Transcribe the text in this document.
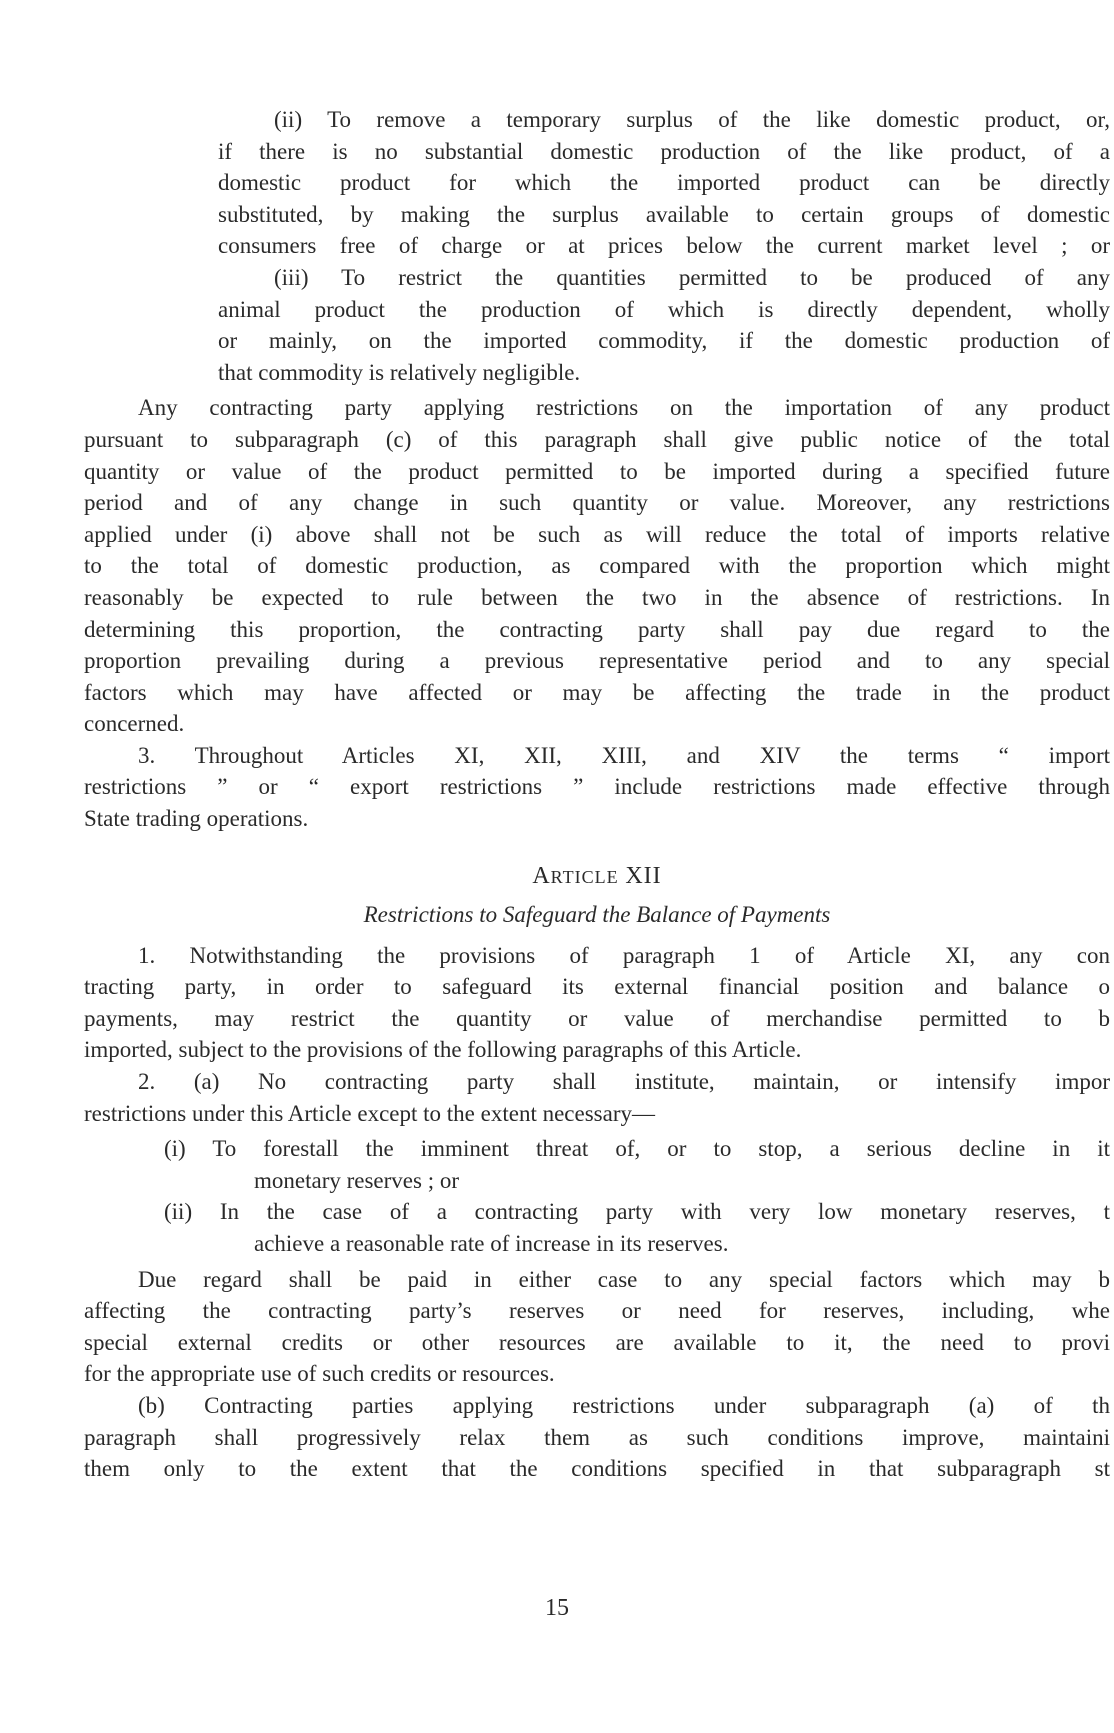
(ii) To remove a temporary surplus of the like domestic product, or,
if there is no substantial domestic production of the like product, of a
domestic product for which the imported product can be directly
substituted, by making the surplus available to certain groups of domestic
consumers free of charge or at prices below the current market level ; or

(iii) To restrict the quantities permitted to be produced of any
animal product the production of which is directly dependent, wholly
or mainly, on the imported commodity, if the domestic production of
that commodity is relatively negligible.

Any contracting party applying restrictions on the importation of any product
pursuant to subparagraph (c) of this paragraph shall give public notice of the total
quantity or value of the product permitted to be imported during a specified future
period and of any change in such quantity or value. Moreover, any restrictions
applied under (i) above shall not be such as will reduce the total of imports relative
to the total of domestic production, as compared with the proportion which might
reasonably be expected to rule between the two in the absence of restrictions. In
determining this proportion, the contracting party shall pay due regard to the
proportion prevailing during a previous representative period and to any special
factors which may have affected or may be affecting the trade in the product
concerned.

3. Throughout Articles XI, XII, XIII, and XIV the terms “ import
restrictions ” or “ export restrictions ” include restrictions made effective through
State trading operations.

ARTICLE XII
Restrictions to Safeguard the Balance of Payments

1. Notwithstanding the provisions of paragraph 1 of Article XI, any con
tracting party, in order to safeguard its external financial position and balance o
payments, may restrict the quantity or value of merchandise permitted to b
imported, subject to the provisions of the following paragraphs of this Article.

2. (a) No contracting party shall institute, maintain, or intensify impor
restrictions under this Article except to the extent necessary—

(i) To forestall the imminent threat of, or to stop, a serious decline in it
monetary reserves ; or

(ii) In the case of a contracting party with very low monetary reserves, t
achieve a reasonable rate of increase in its reserves.

Due regard shall be paid in either case to any special factors which may b
affecting the contracting party’s reserves or need for reserves, including, whe
special external credits or other resources are available to it, the need to provi
for the appropriate use of such credits or resources.

(b) Contracting parties applying restrictions under subparagraph (a) of th
paragraph shall progressively relax them as such conditions improve, maintaini
them only to the extent that the conditions specified in that subparagraph st

15
